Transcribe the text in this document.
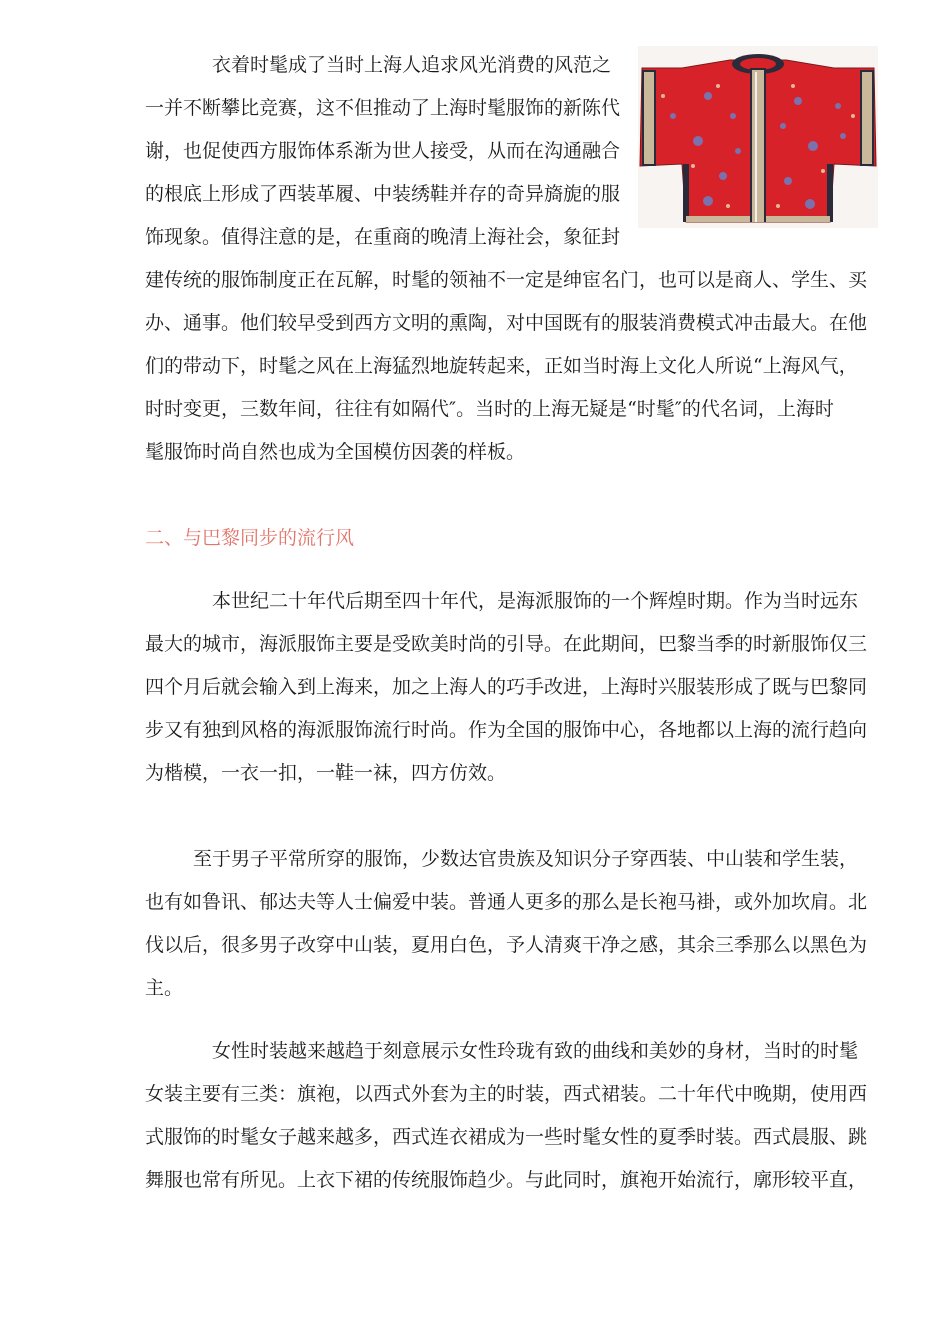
衣着时髦成了当时上海人追求风光消费的风范之
一并不断攀比竞赛，这不但推动了上海时髦服饰的新陈代
谢，也促使西方服饰体系渐为世人接受，从而在沟通融合
的根底上形成了西装革履、中装绣鞋并存的奇异旖旎的服
饰现象。值得注意的是，在重商的晚清上海社会，象征封
建传统的服饰制度正在瓦解，时髦的领袖不一定是绅宦名门，也可以是商人、学生、买
办、通事。他们较早受到西方文明的熏陶，对中国既有的服装消费模式冲击最大。在他
们的带动下，时髦之风在上海猛烈地旋转起来，正如当时海上文化人所说“上海风气，
时时变更，三数年间，往往有如隔代″。当时的上海无疑是“时髦″的代名词，上海时
髦服饰时尚自然也成为全国模仿因袭的样板。
二、与巴黎同步的流行风
本世纪二十年代后期至四十年代，是海派服饰的一个辉煌时期。作为当时远东
最大的城市，海派服饰主要是受欧美时尚的引导。在此期间，巴黎当季的时新服饰仅三
四个月后就会输入到上海来，加之上海人的巧手改进，上海时兴服装形成了既与巴黎同
步又有独到风格的海派服饰流行时尚。作为全国的服饰中心，各地都以上海的流行趋向
为楷模，一衣一扣，一鞋一袜，四方仿效。
至于男子平常所穿的服饰，少数达官贵族及知识分子穿西装、中山装和学生装，
也有如鲁讯、郁达夫等人士偏爱中装。普通人更多的那么是长袍马褂，或外加坎肩。北
伐以后，很多男子改穿中山装，夏用白色，予人清爽干净之感，其余三季那么以黑色为
主。
女性时装越来越趋于刻意展示女性玲珑有致的曲线和美妙的身材，当时的时髦
女装主要有三类：旗袍，以西式外套为主的时装，西式裙装。二十年代中晚期，使用西
式服饰的时髦女子越来越多，西式连衣裙成为一些时髦女性的夏季时装。西式晨服、跳
舞服也常有所见。上衣下裙的传统服饰趋少。与此同时，旗袍开始流行，廓形较平直，
